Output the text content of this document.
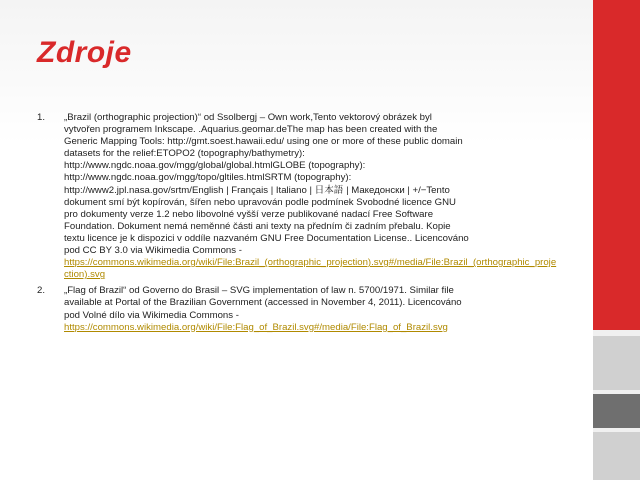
Zdroje
1. „Brazil (orthographic projection)“ od Ssolbergj – Own work,Tento vektorový obrázek byl
vytvořen programem Inkscape. .Aquarius.geomar.deThe map has been created with the
Generic Mapping Tools: http://gmt.soest.hawaii.edu/ using one or more of these public domain
datasets for the relief:ETOPO2 (topography/bathymetry):
http://www.ngdc.noaa.gov/mgg/global/global.htmlGLOBE (topography):
http://www.ngdc.noaa.gov/mgg/topo/gltiles.htmlSRTM (topography):
http://www2.jpl.nasa.gov/srtm/English | Français | Italiano | 日本語 | Македонски | +/−Tento
dokument smí být kopírován, šířen nebo upravován podle podmínek Svobodné licence GNU
pro dokumenty verze 1.2 nebo libovolné vyšší verze publikované nadací Free Software
Foundation. Dokument nemá neměnné části ani texty na předním či zadním přebalu. Kopie
textu licence je k dispozici v oddíle nazvaném GNU Free Documentation License.. Licencováno
pod CC BY 3.0 via Wikimedia Commons -
https://commons.wikimedia.org/wiki/File:Brazil_(orthographic_projection).svg#/media/File:Brazil_(orthographic_projection).svg
2. „Flag of Brazil“ od Governo do Brasil – SVG implementation of law n. 5700/1971. Similar file
available at Portal of the Brazilian Government (accessed in November 4, 2011). Licencováno
pod Volné dílo via Wikimedia Commons -
https://commons.wikimedia.org/wiki/File:Flag_of_Brazil.svg#/media/File:Flag_of_Brazil.svg
